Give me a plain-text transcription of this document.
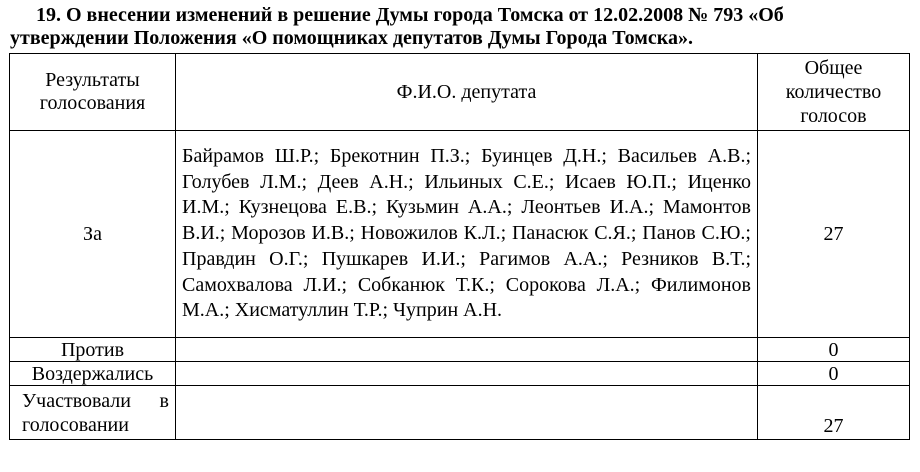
19. О внесении изменений в решение Думы города Томска от 12.02.2008 № 793 «Об
утверждении Положения «О помощниках депутатов Думы Города Томска».
Результаты голосования	Ф.И.О. депутата	Общее количество голосов
За	Байрамов Ш.Р.; Брекотнин П.З.; Буинцев Д.Н.; Васильев А.В.; Голубев Л.М.; Деев А.Н.; Ильиных С.Е.; Исаев Ю.П.; Иценко И.М.; Кузнецова Е.В.; Кузьмин А.А.; Леонтьев И.А.; Мамонтов В.И.; Морозов И.В.; Новожилов К.Л.; Панасюк С.Я.; Панов С.Ю.; Правдин О.Г.; Пушкарев И.И.; Рагимов А.А.; Резников В.Т.; Самохвалова Л.И.; Собканюк Т.К.; Сорокова Л.А.; Филимонов М.А.; Хисматуллин Т.Р.; Чуприн А.Н.	27
Против		0
Воздержались		0
Участвовали в голосовании		27
